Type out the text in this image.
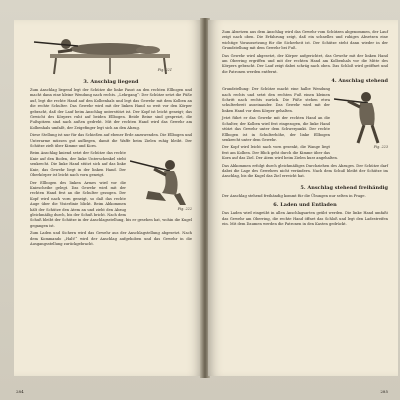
Fig. 221
3. Anschlag liegend

Zum Anschlag liegend legt der Schütze die linke Faust an den rechten Ellbogen und macht dann eine kleine Wendung nach rechts. „Lehrgang“: Der Schütze setzt die Füße auf, legt die rechte Hand auf den Kolbenhals und legt das Gewehr mit dem Kolben an die rechte Schulter. Das Gewehr wird mit der linken Hand so weit vor den Körper gebracht, daß der Lauf beim Anschlag unterstützt ist. Der Kopf ist leicht geneigt; das Gewicht des Körpers ruht auf beiden Ellbogen. Beide Beine sind gespreizt, die Fußspitzen sind nach außen gedreht. Mit der rechten Hand wird das Gewehr am Kolbenhals umfaßt, der Zeigefinger legt sich an den Abzug.

Diese Stellung ist nur für das Schießen auf ebener Erde anzuwenden. Die Ellbogen und Unterarme müssen gut aufliegen, damit die Waffe beim Zielen ruhig bleibt. Der Schütze zielt über Kimme und Korn.

Fig. 222

Beim Anschlag kniend setzt der Schütze das rechte Knie auf den Boden, der linke Unterschenkel steht senkrecht. Die linke Hand stützt sich auf das linke Knie, das Gewehr liegt in der linken Hand. Der Oberkörper ist leicht nach vorn geneigt.

Der Ellbogen des linken Armes wird vor die Kniescheibe gelegt. Das Gewehr wird mit der rechten Hand fest an die Schulter gezogen. Der Kopf wird nach vorn geneigt, so daß das rechte Auge über die Visierlinie blickt. Beim Abkommen hält der Schütze den Atem an und zieht den Abzug gleichmäßig durch, bis der Schuß bricht. Nach dem Schuß bleibt der Schütze in der Anschlagsstellung, bis er gesehen hat, wohin die Kugel gegangen ist.

Zum Laden und Sichern wird das Gewehr aus der Anschlagstellung abgesetzt. Nach dem Kommando „Halt!“ wird der Anschlag aufgehoben und das Gewehr in die Ausgangsstellung zurückgebracht.

284

Zum Absetzen aus dem Anschlag wird das Gewehr vom Schützen abgenommen, der Lauf zeigt nach oben. Die Erfahrung zeigt, daß ein schnelles und ruhiges Absetzen eine wichtige Voraussetzung für die Sicherheit ist. Der Schütze steht dann wieder in der Grundstellung mit dem Gewehr bei Fuß.

Das Gewehr wird abgesetzt, der Körper aufgerichtet, das Gewehr mit der linken Hand am Oberring ergriffen und mit der rechten Hand am Kolbenhals vor die Mitte des Körpers gebracht. Der Lauf zeigt dabei schräg nach oben. Das Schloß wird geöffnet und die Patronen werden entfernt.

4. Anschlag stehend
Fig. 223

Grundstellung: Der Schütze macht eine halbe Wendung nach rechts und setzt den rechten Fuß einen kleinen Schritt nach rechts zurück. Die Füße stehen etwa schulterbreit auseinander. Das Gewehr wird mit der linken Hand vor dem Körper gehalten.

Jetzt führt er das Gewehr mit der rechten Hand an die Schulter, der Kolben wird fest eingezogen, die linke Hand stützt das Gewehr unter dem Schwerpunkt. Der rechte Ellbogen ist in Schulterhöhe, der linke Ellbogen senkrecht unter dem Gewehr.

Der Kopf wird leicht nach vorn gesenkt, die Wange liegt fest am Kolben. Der Blick geht durch die Kimme über das Korn auf das Ziel. Der Atem wird beim Zielen kurz angehalten.

Das Abkommen erfolgt durch gleichmäßiges Durchziehen des Abzuges. Der Schütze darf dabei die Lage des Gewehres nicht verändern. Nach dem Schuß bleibt der Schütze im Anschlag, bis die Kugel das Ziel erreicht hat.

5. Anschlag stehend freihändig

Der Anschlag stehend freihändig kommt für die Übungen nur selten in Frage.

6. Laden und Entladen

Das Laden wird eingeübt in allen Anschlagsarten geübt werden. Die linke Hand umfaßt das Gewehr am Oberring, die rechte Hand öffnet das Schloß und legt den Ladestreifen ein. Mit dem Daumen werden die Patronen in den Kasten gedrückt.

285
